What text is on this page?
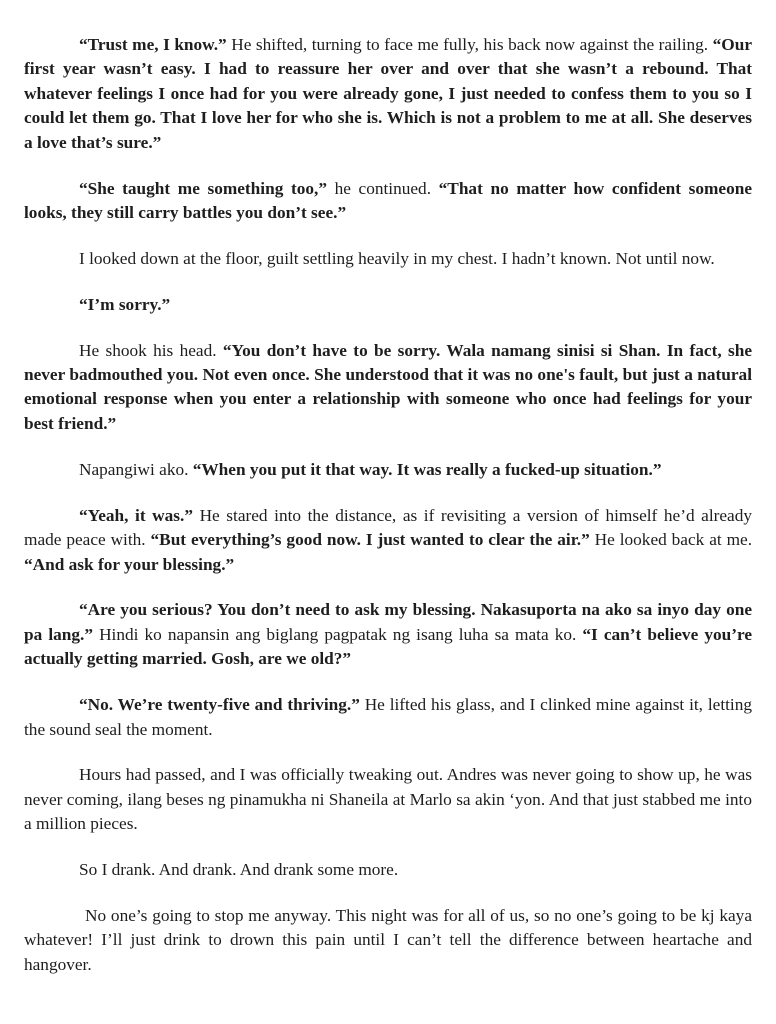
“Trust me, I know.” He shifted, turning to face me fully, his back now against the railing. “Our first year wasn’t easy. I had to reassure her over and over that she wasn’t a rebound. That whatever feelings I once had for you were already gone, I just needed to confess them to you so I could let them go. That I love her for who she is. Which is not a problem to me at all. She deserves a love that’s sure.”

“She taught me something too,” he continued. “That no matter how confident someone looks, they still carry battles you don’t see.”

I looked down at the floor, guilt settling heavily in my chest. I hadn’t known. Not until now.

“I’m sorry.”

He shook his head. “You don’t have to be sorry. Wala namang sinisi si Shan. In fact, she never badmouthed you. Not even once. She understood that it was no one's fault, but just a natural emotional response when you enter a relationship with someone who once had feelings for your best friend.”

Napangiwi ako. “When you put it that way. It was really a fucked-up situation.”

“Yeah, it was.” He stared into the distance, as if revisiting a version of himself he’d already made peace with. “But everything’s good now. I just wanted to clear the air.” He looked back at me. “And ask for your blessing.”

“Are you serious? You don’t need to ask my blessing. Nakasuporta na ako sa inyo day one pa lang.” Hindi ko napansin ang biglang pagpatak ng isang luha sa mata ko. “I can’t believe you’re actually getting married. Gosh, are we old?”

“No. We’re twenty-five and thriving.” He lifted his glass, and I clinked mine against it, letting the sound seal the moment.

Hours had passed, and I was officially tweaking out. Andres was never going to show up, he was never coming, ilang beses ng pinamukha ni Shaneila at Marlo sa akin ‘yon. And that just stabbed me into a million pieces.

So I drank. And drank. And drank some more.

No one’s going to stop me anyway. This night was for all of us, so no one’s going to be kj kaya whatever! I’ll just drink to drown this pain until I can’t tell the difference between heartache and hangover.
